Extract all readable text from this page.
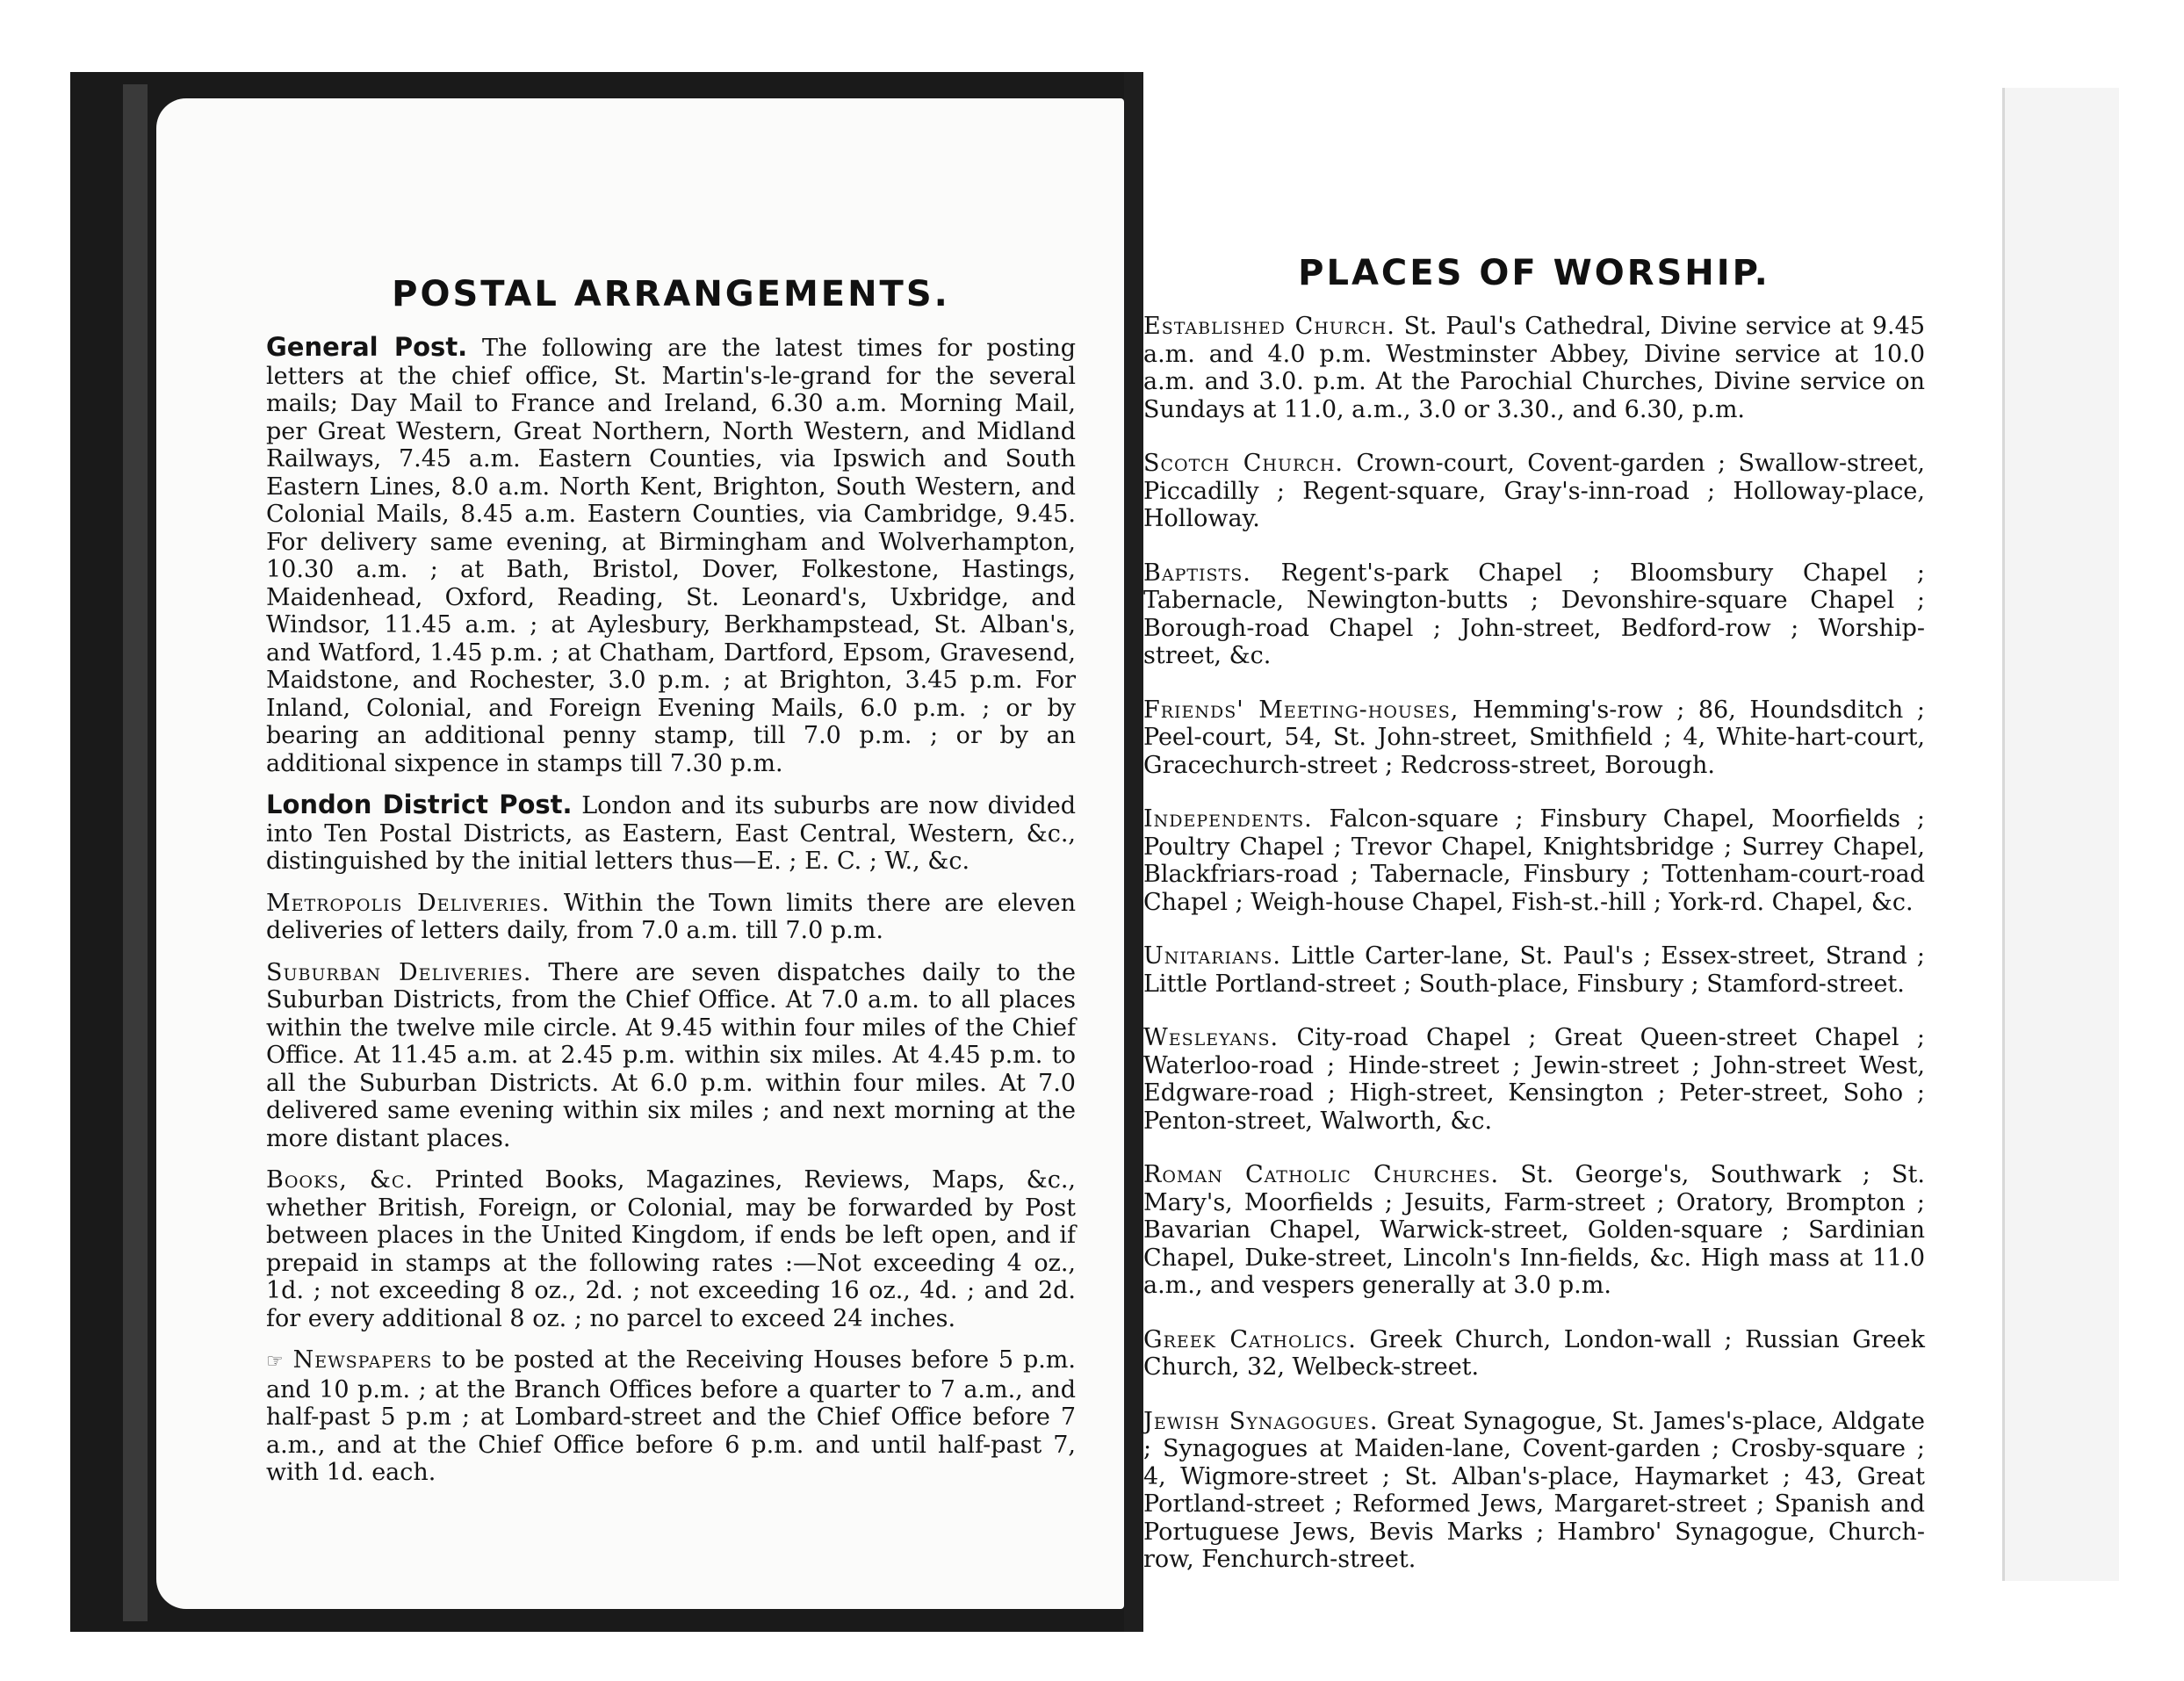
POSTAL ARRANGEMENTS.

General Post. The following are the latest times for posting letters at the chief office, St. Martin's-le-grand for the several mails; Day Mail to France and Ireland, 6.30 a.m. Morning Mail, per Great Western, Great Northern, North Western, and Midland Railways, 7.45 a.m. Eastern Counties, via Ipswich and South Eastern Lines, 8.0 a.m. North Kent, Brighton, South Western, and Colonial Mails, 8.45 a.m. Eastern Counties, via Cambridge, 9.45. For delivery same evening, at Birmingham and Wolverhampton, 10.30 a.m. ; at Bath, Bristol, Dover, Folkestone, Hastings, Maidenhead, Oxford, Reading, St. Leonard's, Uxbridge, and Windsor, 11.45 a.m. ; at Aylesbury, Berkhampstead, St. Alban's, and Watford, 1.45 p.m. ; at Chatham, Dartford, Epsom, Gravesend, Maidstone, and Rochester, 3.0 p.m. ; at Brighton, 3.45 p.m. For Inland, Colonial, and Foreign Evening Mails, 6.0 p.m. ; or by bearing an additional penny stamp, till 7.0 p.m. ; or by an additional sixpence in stamps till 7.30 p.m.

London District Post. London and its suburbs are now divided into Ten Postal Districts, as Eastern, East Central, Western, &c., distinguished by the initial letters thus—E. ; E. C. ; W., &c.

Metropolis Deliveries. Within the Town limits there are eleven deliveries of letters daily, from 7.0 a.m. till 7.0 p.m.

Suburban Deliveries. There are seven dispatches daily to the Suburban Districts, from the Chief Office. At 7.0 a.m. to all places within the twelve mile circle. At 9.45 within four miles of the Chief Office. At 11.45 a.m. at 2.45 p.m. within six miles. At 4.45 p.m. to all the Suburban Districts. At 6.0 p.m. within four miles. At 7.0 delivered same evening within six miles ; and next morning at the more distant places.

Books, &c. Printed Books, Magazines, Reviews, Maps, &c., whether British, Foreign, or Colonial, may be forwarded by Post between places in the United Kingdom, if ends be left open, and if prepaid in stamps at the following rates :—Not exceeding 4 oz., 1d. ; not exceeding 8 oz., 2d. ; not exceeding 16 oz., 4d. ; and 2d. for every additional 8 oz. ; no parcel to exceed 24 inches.

☞ Newspapers to be posted at the Receiving Houses before 5 p.m. and 10 p.m. ; at the Branch Offices before a quarter to 7 a.m., and half-past 5 p.m ; at Lombard-street and the Chief Office before 7 a.m., and at the Chief Office before 6 p.m. and until half-past 7, with 1d. each.

PLACES OF WORSHIP.

Established Church. St. Paul's Cathedral, Divine service at 9.45 a.m. and 4.0 p.m. Westminster Abbey, Divine service at 10.0 a.m. and 3.0. p.m. At the Parochial Churches, Divine service on Sundays at 11.0, a.m., 3.0 or 3.30., and 6.30, p.m.

Scotch Church. Crown-court, Covent-garden ; Swallow-street, Piccadilly ; Regent-square, Gray's-inn-road ; Holloway-place, Holloway.

Baptists. Regent's-park Chapel ; Bloomsbury Chapel ; Tabernacle, Newington-butts ; Devonshire-square Chapel ; Borough-road Chapel ; John-street, Bedford-row ; Worship-street, &c.

Friends' Meeting-houses, Hemming's-row ; 86, Houndsditch ; Peel-court, 54, St. John-street, Smithfield ; 4, White-hart-court, Gracechurch-street ; Redcross-street, Borough.

Independents. Falcon-square ; Finsbury Chapel, Moorfields ; Poultry Chapel ; Trevor Chapel, Knightsbridge ; Surrey Chapel, Blackfriars-road ; Tabernacle, Finsbury ; Tottenham-court-road Chapel ; Weigh-house Chapel, Fish-st.-hill ; York-rd. Chapel, &c.

Unitarians. Little Carter-lane, St. Paul's ; Essex-street, Strand ; Little Portland-street ; South-place, Finsbury ; Stamford-street.

Wesleyans. City-road Chapel ; Great Queen-street Chapel ; Waterloo-road ; Hinde-street ; Jewin-street ; John-street West, Edgware-road ; High-street, Kensington ; Peter-street, Soho ; Penton-street, Walworth, &c.

Roman Catholic Churches. St. George's, Southwark ; St. Mary's, Moorfields ; Jesuits, Farm-street ; Oratory, Brompton ; Bavarian Chapel, Warwick-street, Golden-square ; Sardinian Chapel, Duke-street, Lincoln's Inn-fields, &c. High mass at 11.0 a.m., and vespers generally at 3.0 p.m.

Greek Catholics. Greek Church, London-wall ; Russian Greek Church, 32, Welbeck-street.

Jewish Synagogues. Great Synagogue, St. James's-place, Aldgate ; Synagogues at Maiden-lane, Covent-garden ; Crosby-square ; 4, Wigmore-street ; St. Alban's-place, Haymarket ; 43, Great Portland-street ; Reformed Jews, Margaret-street ; Spanish and Portuguese Jews, Bevis Marks ; Hambro' Synagogue, Church-row, Fenchurch-street.
